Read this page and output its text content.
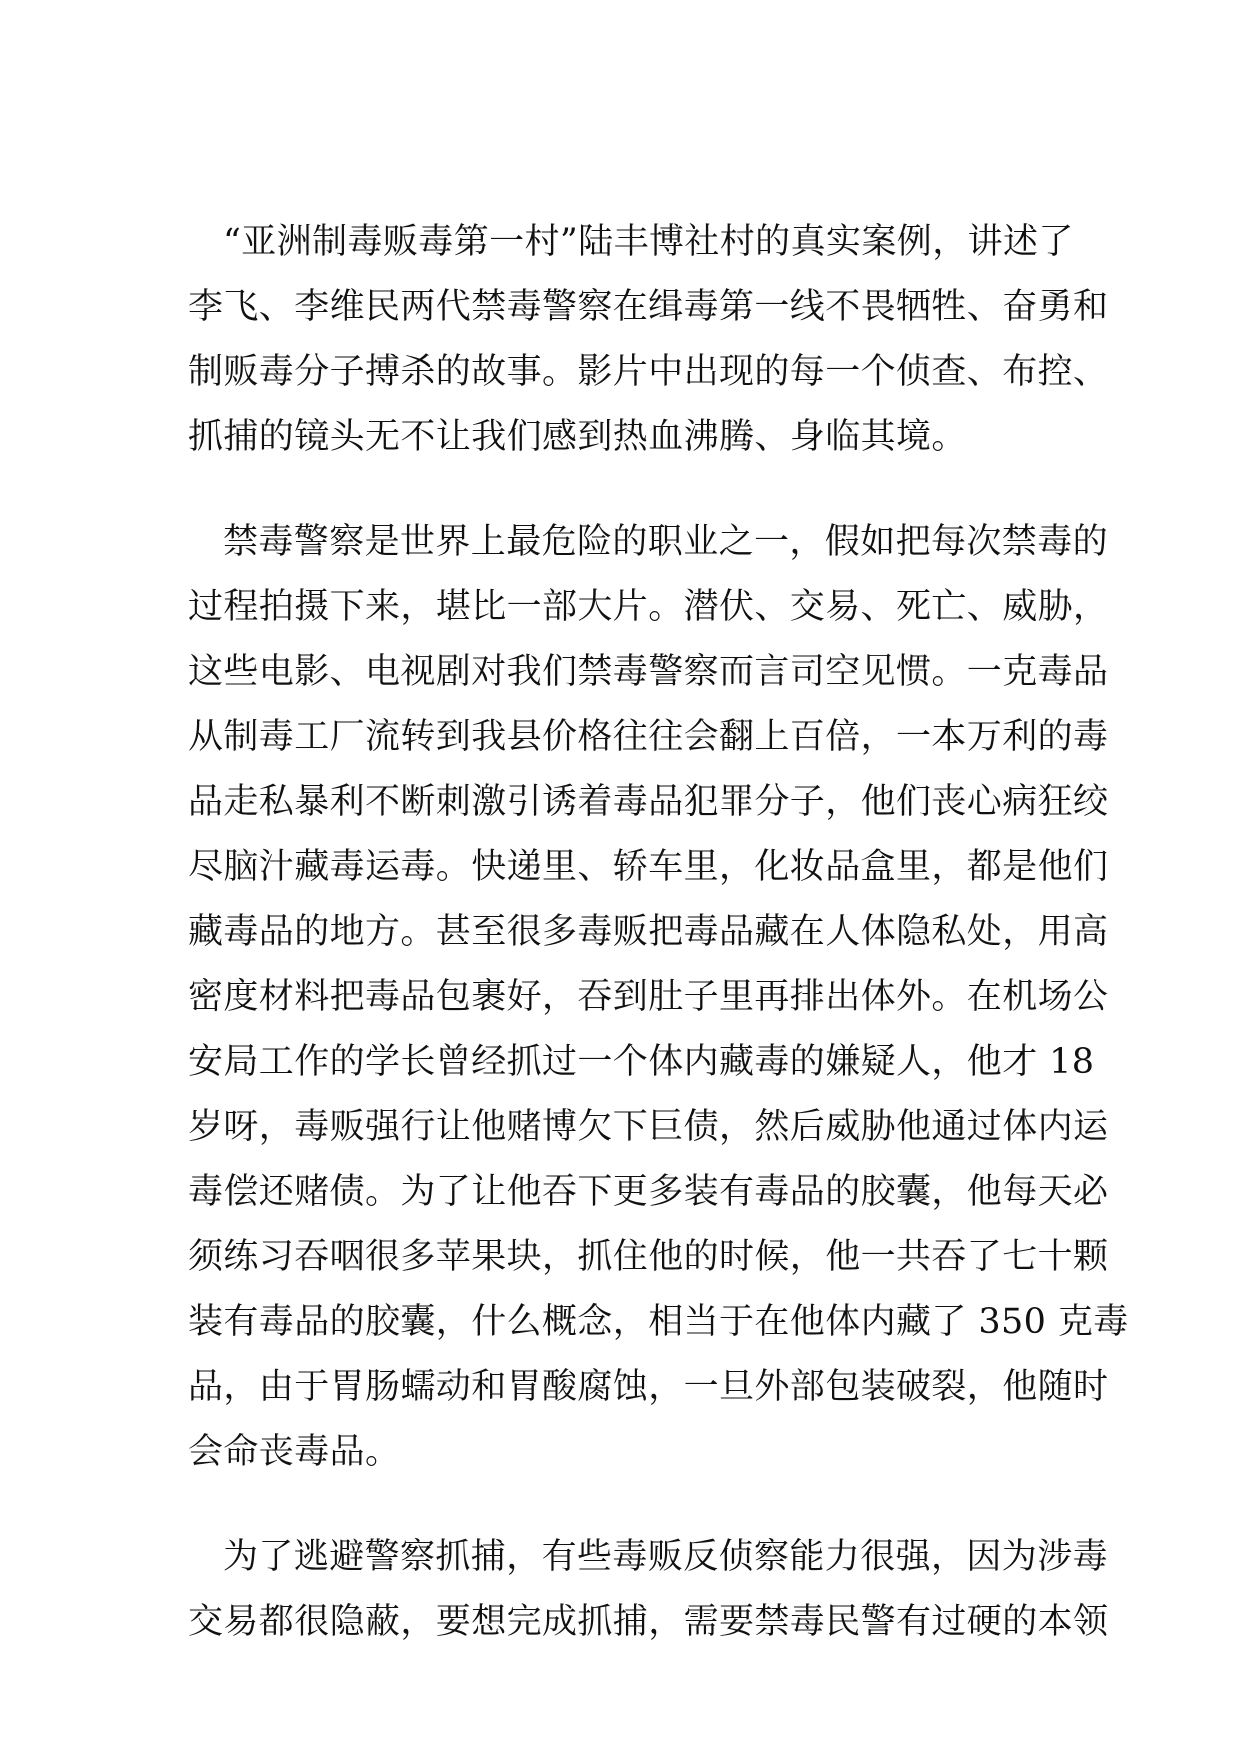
“亚洲制毒贩毒第一村”陆丰博社村的真实案例，讲述了
李飞、李维民两代禁毒警察在缉毒第一线不畏牺牲、奋勇和
制贩毒分子搏杀的故事。影片中出现的每一个侦查、布控、
抓捕的镜头无不让我们感到热血沸腾、身临其境。
禁毒警察是世界上最危险的职业之一，假如把每次禁毒的
过程拍摄下来，堪比一部大片。潜伏、交易、死亡、威胁，
这些电影、电视剧对我们禁毒警察而言司空见惯。一克毒品
从制毒工厂流转到我县价格往往会翻上百倍，一本万利的毒
品走私暴利不断刺激引诱着毒品犯罪分子，他们丧心病狂绞
尽脑汁藏毒运毒。快递里、轿车里，化妆品盒里，都是他们
藏毒品的地方。甚至很多毒贩把毒品藏在人体隐私处，用高
密度材料把毒品包裹好，吞到肚子里再排出体外。在机场公
安局工作的学长曾经抓过一个体内藏毒的嫌疑人，他才 18
岁呀，毒贩强行让他赌博欠下巨债，然后威胁他通过体内运
毒偿还赌债。为了让他吞下更多装有毒品的胶囊，他每天必
须练习吞咽很多苹果块，抓住他的时候，他一共吞了七十颗
装有毒品的胶囊，什么概念，相当于在他体内藏了 350 克毒
品，由于胃肠蠕动和胃酸腐蚀，一旦外部包装破裂，他随时
会命丧毒品。
为了逃避警察抓捕，有些毒贩反侦察能力很强，因为涉毒
交易都很隐蔽，要想完成抓捕，需要禁毒民警有过硬的本领
